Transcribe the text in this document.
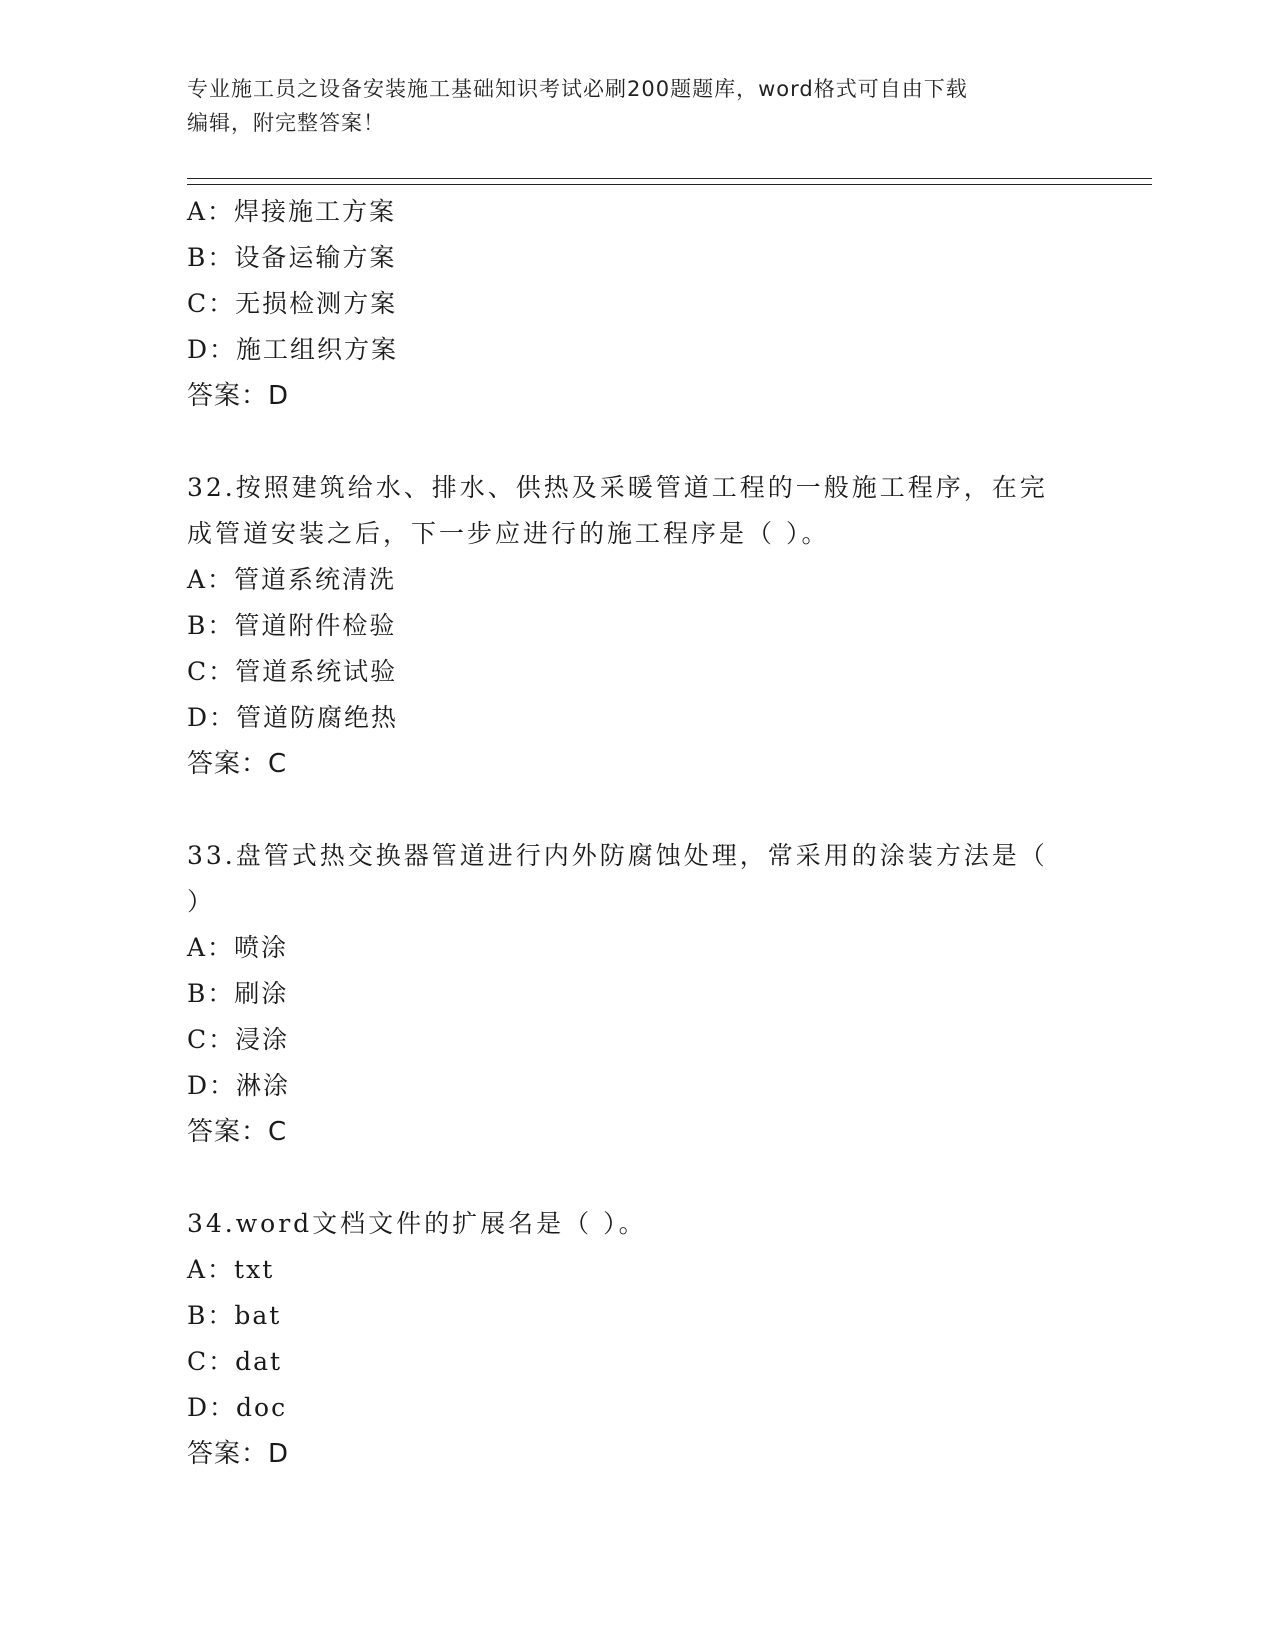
专业施工员之设备安装施工基础知识考试必刷200题题库，word格式可自由下载
编辑，附完整答案！
A：焊接施工方案
B：设备运输方案
C：无损检测方案
D：施工组织方案
答案：D
32.按照建筑给水、排水、供热及采暖管道工程的一般施工程序，在完
成管道安装之后，下一步应进行的施工程序是（ ）。
A：管道系统清洗
B：管道附件检验
C：管道系统试验
D：管道防腐绝热
答案：C
33.盘管式热交换器管道进行内外防腐蚀处理，常采用的涂装方法是（
）
A：喷涂
B：刷涂
C：浸涂
D：淋涂
答案：C
34.word文档文件的扩展名是（ ）。
A：txt
B：bat
C：dat
D：doc
答案：D
